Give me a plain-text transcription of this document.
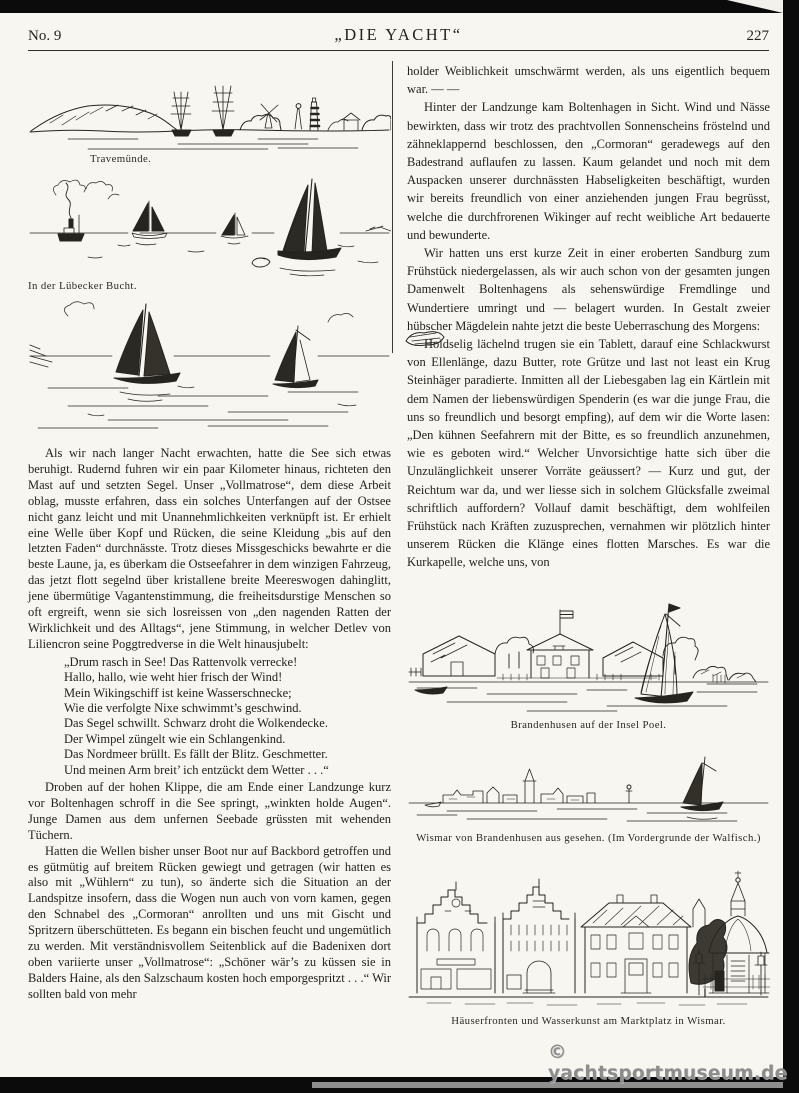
No. 9	„DIE YACHT“	227
Travemünde.
In der Lübecker Bucht.

Als wir nach langer Nacht erwachten, hatte die See sich etwas beruhigt. Rudernd fuhren wir ein paar Kilometer hinaus, richteten den Mast auf und setzten Segel. Unser „Vollmatrose“, dem diese Arbeit oblag, musste erfahren, dass ein solches Unterfangen auf der Ostsee nicht ganz leicht und mit Unannehmlichkeiten verknüpft ist. Er erhielt eine Welle über Kopf und Rücken, die seine Kleidung „bis auf den letzten Faden“ durchnässte. Trotz dieses Missgeschicks bewahrte er die beste Laune, ja, es überkam die Ostseefahrer in dem winzigen Fahrzeug, das jetzt flott segelnd über kristallene breite Meereswogen dahinglitt, jene übermütige Vagantenstimmung, die freiheitsdurstige Menschen so oft ergreift, wenn sie sich losreissen von „den nagenden Ratten der Wirklichkeit und des Alltags“, jene Stimmung, in welcher Detlev von Liliencron seine Poggtredverse in die Welt hinausjubelt:

„Drum rasch in See! Das Rattenvolk verrecke!
Hallo, hallo, wie weht hier frisch der Wind!
Mein Wikingschiff ist keine Wasserschnecke;
Wie die verfolgte Nixe schwimmt’s geschwind.
Das Segel schwillt. Schwarz droht die Wolkendecke.
Der Wimpel züngelt wie ein Schlangenkind.
Das Nordmeer brüllt. Es fällt der Blitz. Geschmetter.
Und meinen Arm breit’ ich entzückt dem Wetter . . .“

Droben auf der hohen Klippe, die am Ende einer Landzunge kurz vor Boltenhagen schroff in die See springt, „winkten holde Augen“. Junge Damen aus dem unfernen Seebade grüssten mit wehenden Tüchern.

Hatten die Wellen bisher unser Boot nur auf Backbord getroffen und es gütmütig auf breitem Rücken gewiegt und getragen (wir hatten es also mit „Wühlern“ zu tun), so änderte sich die Situation an der Landspitze insofern, dass die Wogen nun auch von vorn kamen, gegen den Schnabel des „Cormoran“ anrollten und uns mit Gischt und Spritzern überschütteten. Es begann ein bischen feucht und ungemütlich zu werden. Mit verständnisvollem Seitenblick auf die Badenixen dort oben variierte unser „Vollmatrose“: „Schöner wär’s zu küssen sie in Balders Haine, als den Salzschaum kosten hoch emporgespritzt . . .“ Wir sollten bald von mehr

holder Weiblichkeit umschwärmt werden, als uns eigentlich bequem war. — —

Hinter der Landzunge kam Boltenhagen in Sicht. Wind und Nässe bewirkten, dass wir trotz des prachtvollen Sonnenscheins fröstelnd und zähneklappernd beschlossen, den „Cormoran“ geradewegs auf den Badestrand auflaufen zu lassen. Kaum gelandet und noch mit dem Auspacken unserer durchnässten Habseligkeiten beschäftigt, wurden wir bereits freundlich von einer anziehenden jungen Frau begrüsst, welche die durchfrorenen Wikinger auf recht weibliche Art bedauerte und bewunderte.

Wir hatten uns erst kurze Zeit in einer eroberten Sandburg zum Frühstück niedergelassen, als wir auch schon von der gesamten jungen Damenwelt Boltenhagens als sehenswürdige Fremdlinge und Wundertiere umringt und — belagert wurden. In Gestalt zweier hübscher Mägdelein nahte jetzt die beste Ueberraschung des Morgens:

Holdselig lächelnd trugen sie ein Tablett, darauf eine Schlackwurst von Ellenlänge, dazu Butter, rote Grütze und last not least ein Krug Steinhäger paradierte. Inmitten all der Liebesgaben lag ein Kärtlein mit dem Namen der liebenswürdigen Spenderin (es war die junge Frau, die uns so freundlich und besorgt empfing), auf dem wir die Worte lasen: „Den kühnen Seefahrern mit der Bitte, es so freundlich anzunehmen, wie es geboten wird.“ Welcher Unvorsichtige hatte sich über die Unzulänglichkeit unserer Vorräte geäussert? — Kurz und gut, der Reichtum war da, und wer liesse sich in solchem Glücksfalle zweimal schriftlich auffordern? Vollauf damit beschäftigt, dem wohlfeilen Frühstück nach Kräften zuzusprechen, vernahmen wir plötzlich hinter unserem Rücken die Klänge eines flotten Marsches. Es war die Kurkapelle, welche uns, von

Brandenhusen auf der Insel Poel.
Wismar von Brandenhusen aus gesehen. (Im Vordergrunde der Walfisch.)
Häuserfronten und Wasserkunst am Marktplatz in Wismar.
© yachtsportmuseum.de
